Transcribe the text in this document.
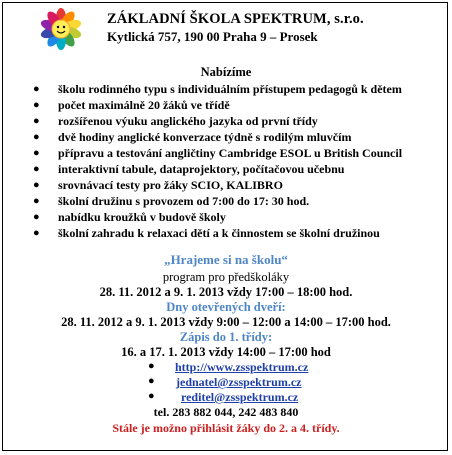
ZÁKLADNÍ ŠKOLA SPEKTRUM, s.r.o.
Kytlická 757, 190 00 Praha 9 – Prosek
Nabízíme
● školu rodinného typu s individuálním přístupem pedagogů k dětem
● počet maximálně 20 žáků ve třídě
● rozšířenou výuku anglického jazyka od první třídy
● dvě hodiny anglické konverzace týdně s rodilým mluvčím
● přípravu a testování angličtiny Cambridge ESOL u British Council
● interaktivní tabule, dataprojektory, počítačovou učebnu
● srovnávací testy pro žáky SCIO, KALIBRO
● školní družinu s provozem od 7:00 do 17: 30 hod.
● nabídku kroužků v budově školy
● školní zahradu k relaxaci dětí a k činnostem se školní družinou
„Hrajeme si na školu“
program pro předškoláky
28. 11. 2012 a 9. 1. 2013 vždy 17:00 – 18:00 hod.
Dny otevřených dveří:
28. 11. 2012 a 9. 1. 2013 vždy 9:00 – 12:00 a 14:00 – 17:00 hod.
Zápis do 1. třídy:
16. a 17. 1. 2013 vždy 14:00 – 17:00 hod
● http://www.zsspektrum.cz
● jednatel@zsspektrum.cz
● reditel@zsspektrum.cz
tel. 283 882 044, 242 483 840
Stále je možno přihlásit žáky do 2. a 4. třídy.
